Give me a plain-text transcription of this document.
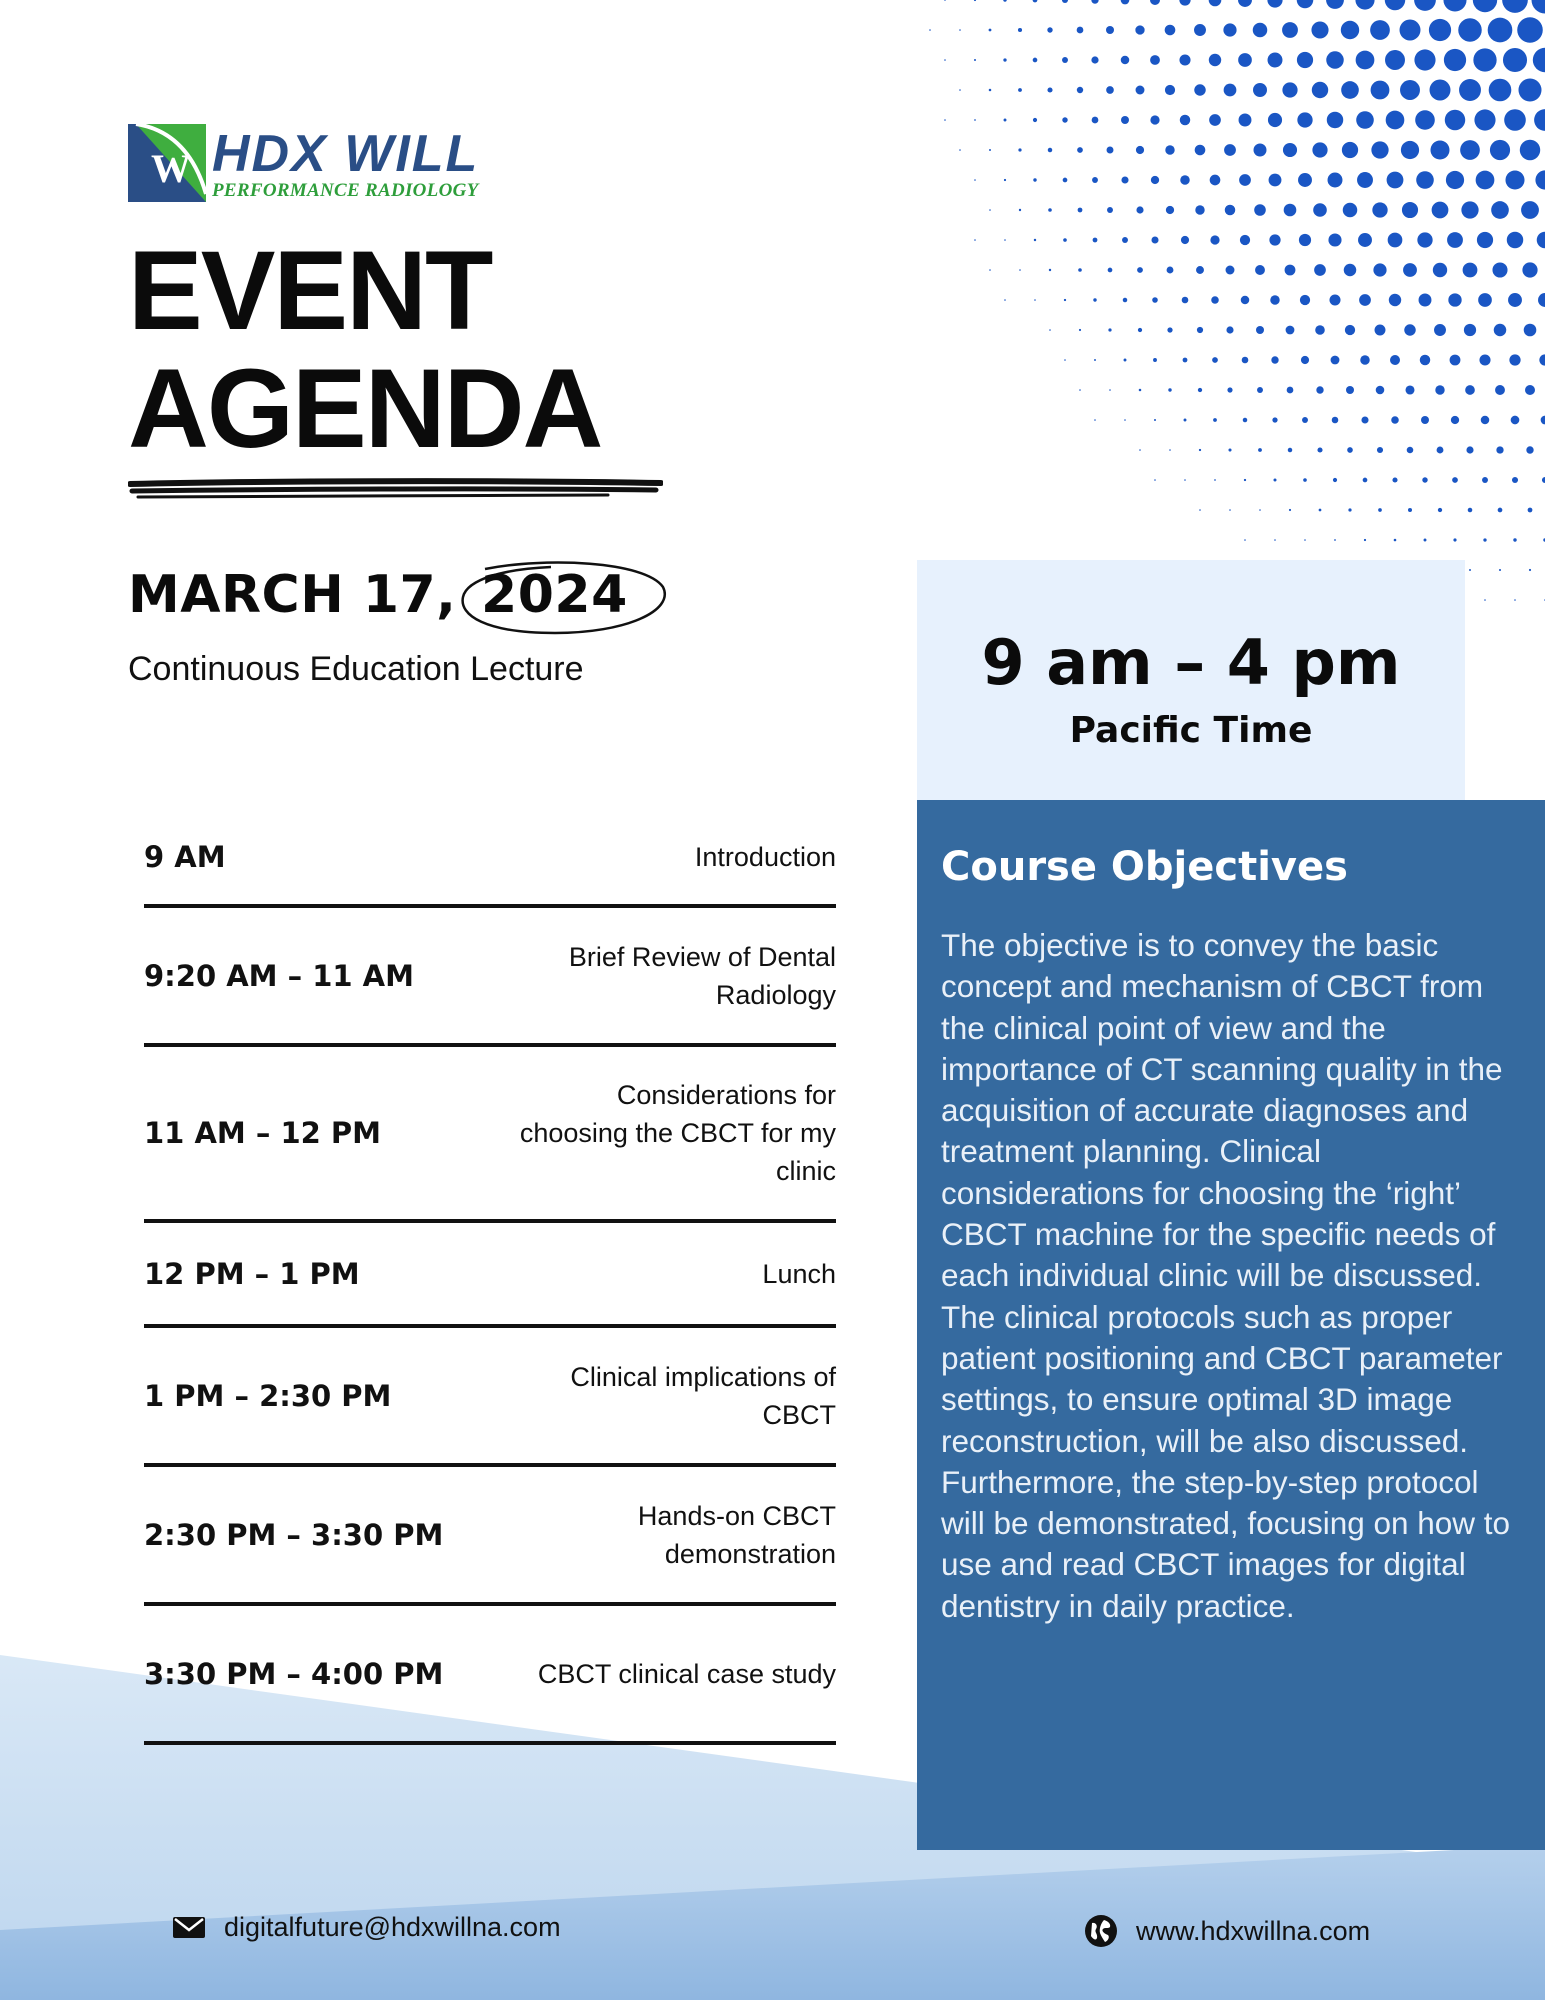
W HDX WILL
PERFORMANCE RADIOLOGY
EVENT
AGENDA
MARCH 17, 2024
Continuous Education Lecture
9 AM	Introduction
9:20 AM – 11 AM
Brief Review of Dental Radiology
11 AM – 12 PM
Considerations for choosing the CBCT for my clinic
12 PM – 1 PM	Lunch
1 PM – 2:30 PM
Clinical implications of CBCT
2:30 PM – 3:30 PM
Hands-on CBCT demonstration
3:30 PM – 4:00 PM	CBCT clinical case study
9 am – 4 pm
Pacific Time
Course Objectives
The objective is to convey the basic concept and mechanism of CBCT from the clinical point of view and the importance of CT scanning quality in the acquisition of accurate diagnoses and treatment planning. Clinical considerations for choosing the ‘right’ CBCT machine for the specific needs of each individual clinic will be discussed. The clinical protocols such as proper patient positioning and CBCT parameter settings, to ensure optimal 3D image reconstruction, will be also discussed. Furthermore, the step-by-step protocol will be demonstrated, focusing on how to use and read CBCT images for digital dentistry in daily practice.
digitalfuture@hdxwillna.com	www.hdxwillna.com
